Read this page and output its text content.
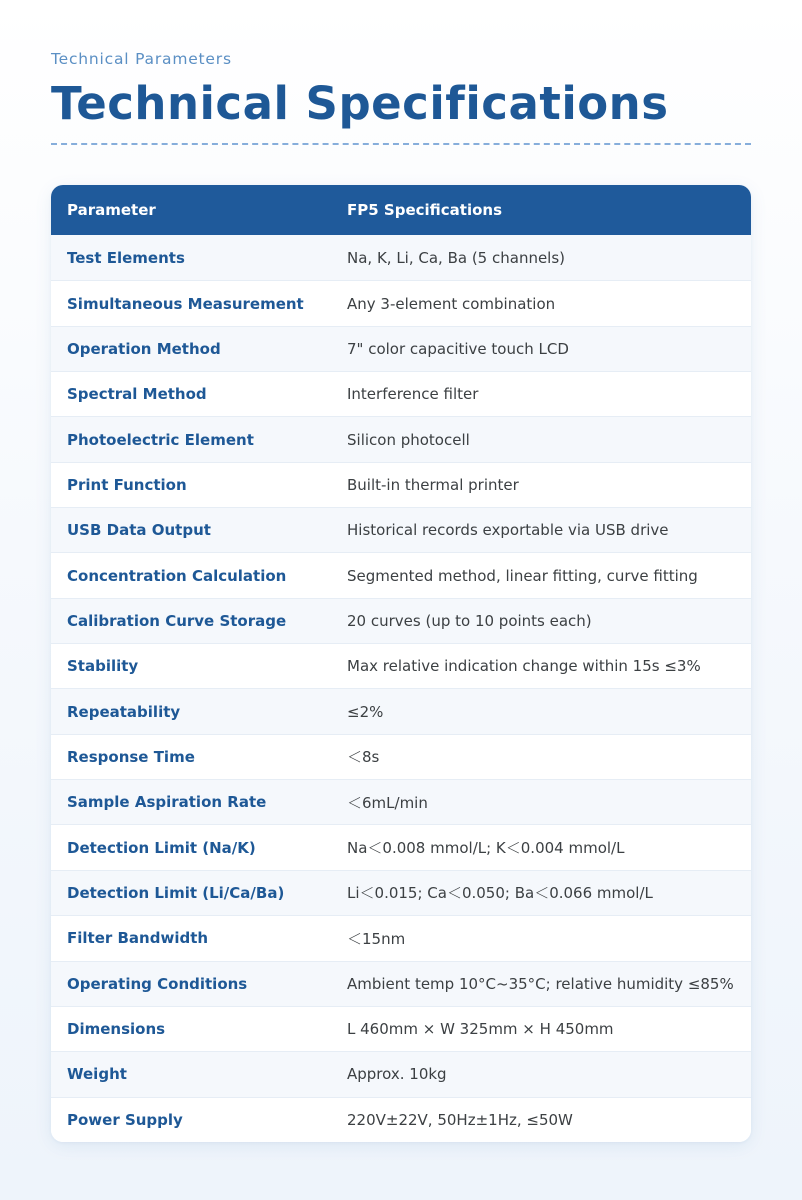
Technical Parameters
Technical Specifications
Parameter	FP5 Specifications
Test Elements	Na, K, Li, Ca, Ba (5 channels)
Simultaneous Measurement	Any 3-element combination
Operation Method	7" color capacitive touch LCD
Spectral Method	Interference filter
Photoelectric Element	Silicon photocell
Print Function	Built-in thermal printer
USB Data Output	Historical records exportable via USB drive
Concentration Calculation	Segmented method, linear fitting, curve fitting
Calibration Curve Storage	20 curves (up to 10 points each)
Stability	Max relative indication change within 15s ≤3%
Repeatability	≤2%
Response Time	＜8s
Sample Aspiration Rate	＜6mL/min
Detection Limit (Na/K)	Na＜0.008 mmol/L; K＜0.004 mmol/L
Detection Limit (Li/Ca/Ba)	Li＜0.015; Ca＜0.050; Ba＜0.066 mmol/L
Filter Bandwidth	＜15nm
Operating Conditions	Ambient temp 10°C~35°C; relative humidity ≤85%
Dimensions	L 460mm × W 325mm × H 450mm
Weight	Approx. 10kg
Power Supply	220V±22V, 50Hz±1Hz, ≤50W
